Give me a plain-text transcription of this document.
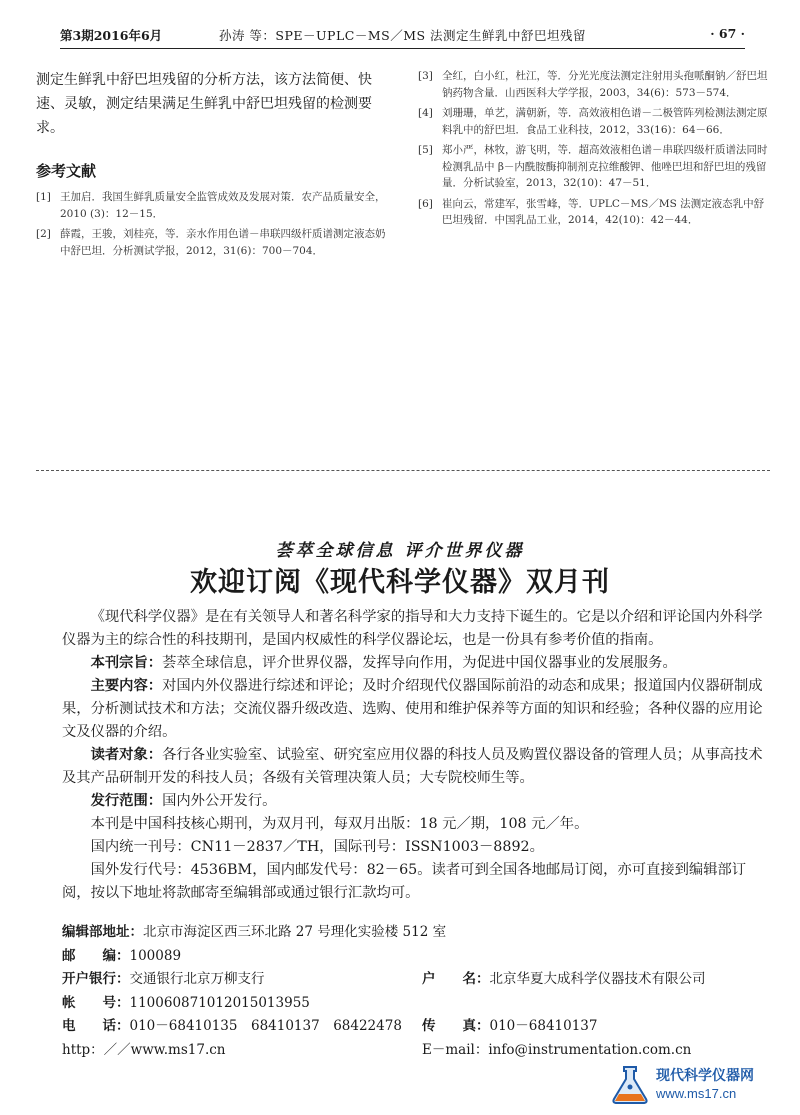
第3期2016年6月	孙涛 等：SPE－UPLC－MS／MS 法测定生鲜乳中舒巴坦残留	· 67 ·

测定生鲜乳中舒巴坦残留的分析方法，该方法简便、快速、灵敏，测定结果满足生鲜乳中舒巴坦残留的检测要求。

参考文献
[1] 王加启．我国生鲜乳质量安全监管成效及发展对策．农产品质量安全，2010 (3)：12－15．
[2] 薛霞，王骏，刘桂亮，等．亲水作用色谱－串联四级杆质谱测定液态奶中舒巴坦．分析测试学报，2012，31(6)：700－704．
[3] 全红，白小红，杜江，等．分光光度法测定注射用头孢哌酮钠／舒巴坦钠药物含量．山西医科大学学报，2003，34(6)：573－574．
[4] 刘珊珊，单艺，满朝新，等．高效液相色谱－二极管阵列检测法测定原料乳中的舒巴坦．食品工业科技，2012，33(16)：64－66．
[5] 郑小严，林牧，游飞明，等．超高效液相色谱－串联四级杆质谱法同时检测乳品中 β－内酰胺酶抑制剂克拉维酸钾、他唑巴坦和舒巴坦的残留量．分析试验室，2013，32(10)：47－51．
[6] 崔向云，常建军，张雪峰，等．UPLC－MS／MS 法测定液态乳中舒巴坦残留．中国乳品工业，2014，42(10)：42－44．
荟萃全球信息 评介世界仪器
欢迎订阅《现代科学仪器》双月刊

《现代科学仪器》是在有关领导人和著名科学家的指导和大力支持下诞生的。它是以介绍和评论国内外科学仪器为主的综合性的科技期刊，是国内权威性的科学仪器论坛，也是一份具有参考价值的指南。

本刊宗旨：荟萃全球信息，评介世界仪器，发挥导向作用，为促进中国仪器事业的发展服务。

主要内容：对国内外仪器进行综述和评论；及时介绍现代仪器国际前沿的动态和成果；报道国内仪器研制成果，分析测试技术和方法；交流仪器升级改造、选购、使用和维护保养等方面的知识和经验；各种仪器的应用论文及仪器的介绍。

读者对象：各行各业实验室、试验室、研究室应用仪器的科技人员及购置仪器设备的管理人员；从事高技术及其产品研制开发的科技人员；各级有关管理决策人员；大专院校师生等。

发行范围：国内外公开发行。

本刊是中国科技核心期刊，为双月刊，每双月出版：18 元／期，108 元／年。

国内统一刊号：CN11－2837／TH，国际刊号：ISSN1003－8892。

国外发行代号：4536BM，国内邮发代号：82－65。读者可到全国各地邮局订阅，亦可直接到编辑部订阅，按以下地址将款邮寄至编辑部或通过银行汇款均可。

编辑部地址：北京市海淀区西三环北路 27 号理化实验楼 512 室
邮　　编：100089
开户银行：交通银行北京万柳支行	户　　名：北京华夏大成科学仪器技术有限公司
帐　　号：110060871012015013955
电　　话：010－68410135　68410137　68422478	传　　真：010－68410137
http：／／www.ms17.cn	E－mail：info@instrumentation.com.cn
现代科学仪器网
www.ms17.cn
